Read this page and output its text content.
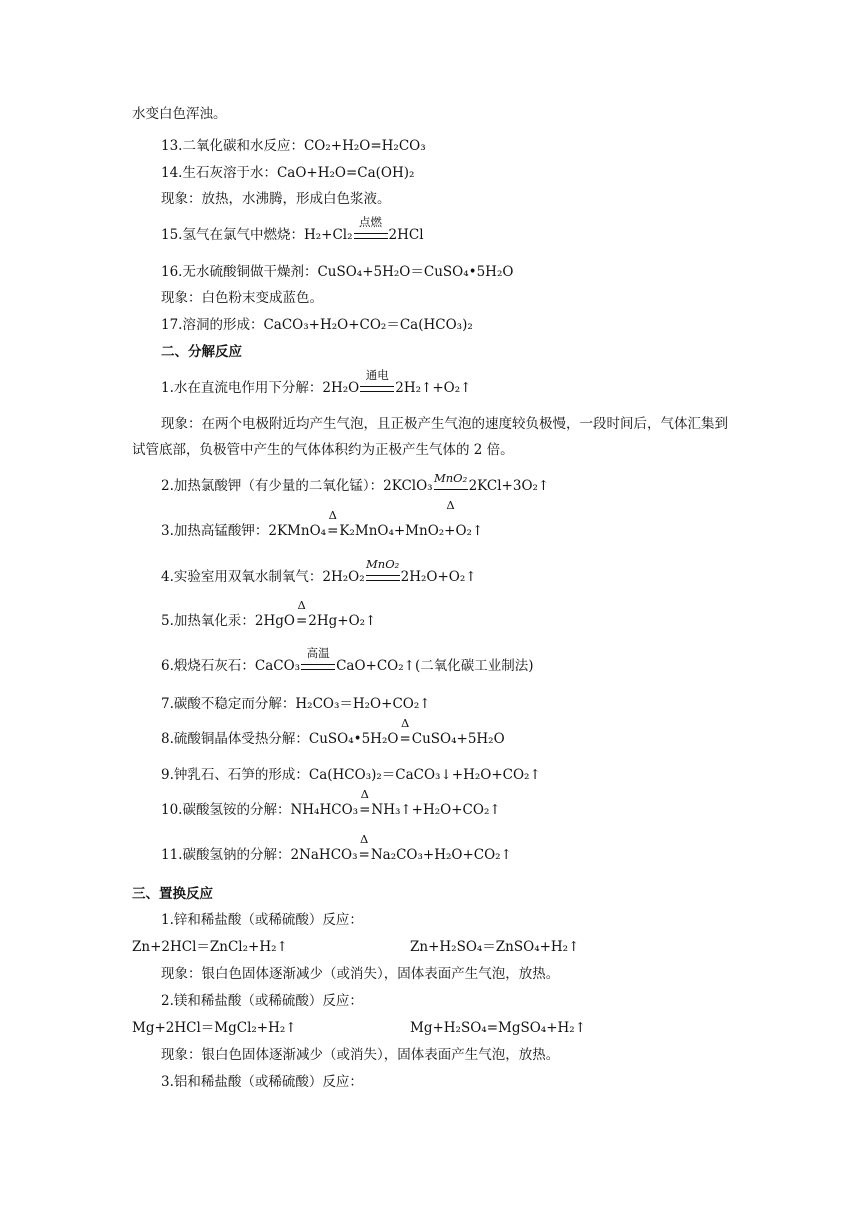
水变白色浑浊。
13.二氧化碳和水反应：CO₂+H₂O=H₂CO₃
14.生石灰溶于水：CaO+H₂O=Ca(OH)₂
现象：放热，水沸腾，形成白色浆液。
15.氢气在氯气中燃烧：H₂+Cl₂
点燃
2HCl
16.无水硫酸铜做干燥剂：CuSO₄+5H₂O＝CuSO₄•5H₂O
现象：白色粉末变成蓝色。
17.溶洞的形成：CaCO₃+H₂O+CO₂＝Ca(HCO₃)₂
二、分解反应
1.水在直流电作用下分解：2H₂O
通电
2H₂↑+O₂↑
现象：在两个电极附近均产生气泡，且正极产生气泡的速度较负极慢，一段时间后，气体汇集到试管底部，负极管中产生的气体体积约为正极产生气体的 2 倍。
2.加热氯酸钾（有少量的二氧化锰）：2KClO₃ MnO₂
Δ
2KCl+3O₂↑
3.加热高锰酸钾：2KMnO₄
Δ
=K₂MnO₄+MnO₂+O₂↑
4.实验室用双氧水制氧气：2H₂O₂
MnO₂
2H₂O+O₂↑
5.加热氧化汞：2HgO
Δ
=2Hg+O₂↑
6.煅烧石灰石：CaCO₃
高温
CaO+CO₂↑(二氧化碳工业制法)
7.碳酸不稳定而分解：H₂CO₃＝H₂O+CO₂↑
8.硫酸铜晶体受热分解：CuSO₄•5H₂O
Δ
=CuSO₄+5H₂O
9.钟乳石、石笋的形成：Ca(HCO₃)₂＝CaCO₃↓+H₂O+CO₂↑
10.碳酸氢铵的分解：NH₄HCO₃
Δ
=NH₃↑+H₂O+CO₂↑
11.碳酸氢钠的分解：2NaHCO₃
Δ
=Na₂CO₃+H₂O+CO₂↑
三、置换反应
1.锌和稀盐酸（或稀硫酸）反应：
Zn+2HCl＝ZnCl₂+H₂↑	Zn+H₂SO₄＝ZnSO₄+H₂↑
现象：银白色固体逐渐减少（或消失），固体表面产生气泡，放热。
2.镁和稀盐酸（或稀硫酸）反应：
Mg+2HCl＝MgCl₂+H₂↑	Mg+H₂SO₄=MgSO₄+H₂↑
现象：银白色固体逐渐减少（或消失），固体表面产生气泡，放热。
3.铝和稀盐酸（或稀硫酸）反应：
